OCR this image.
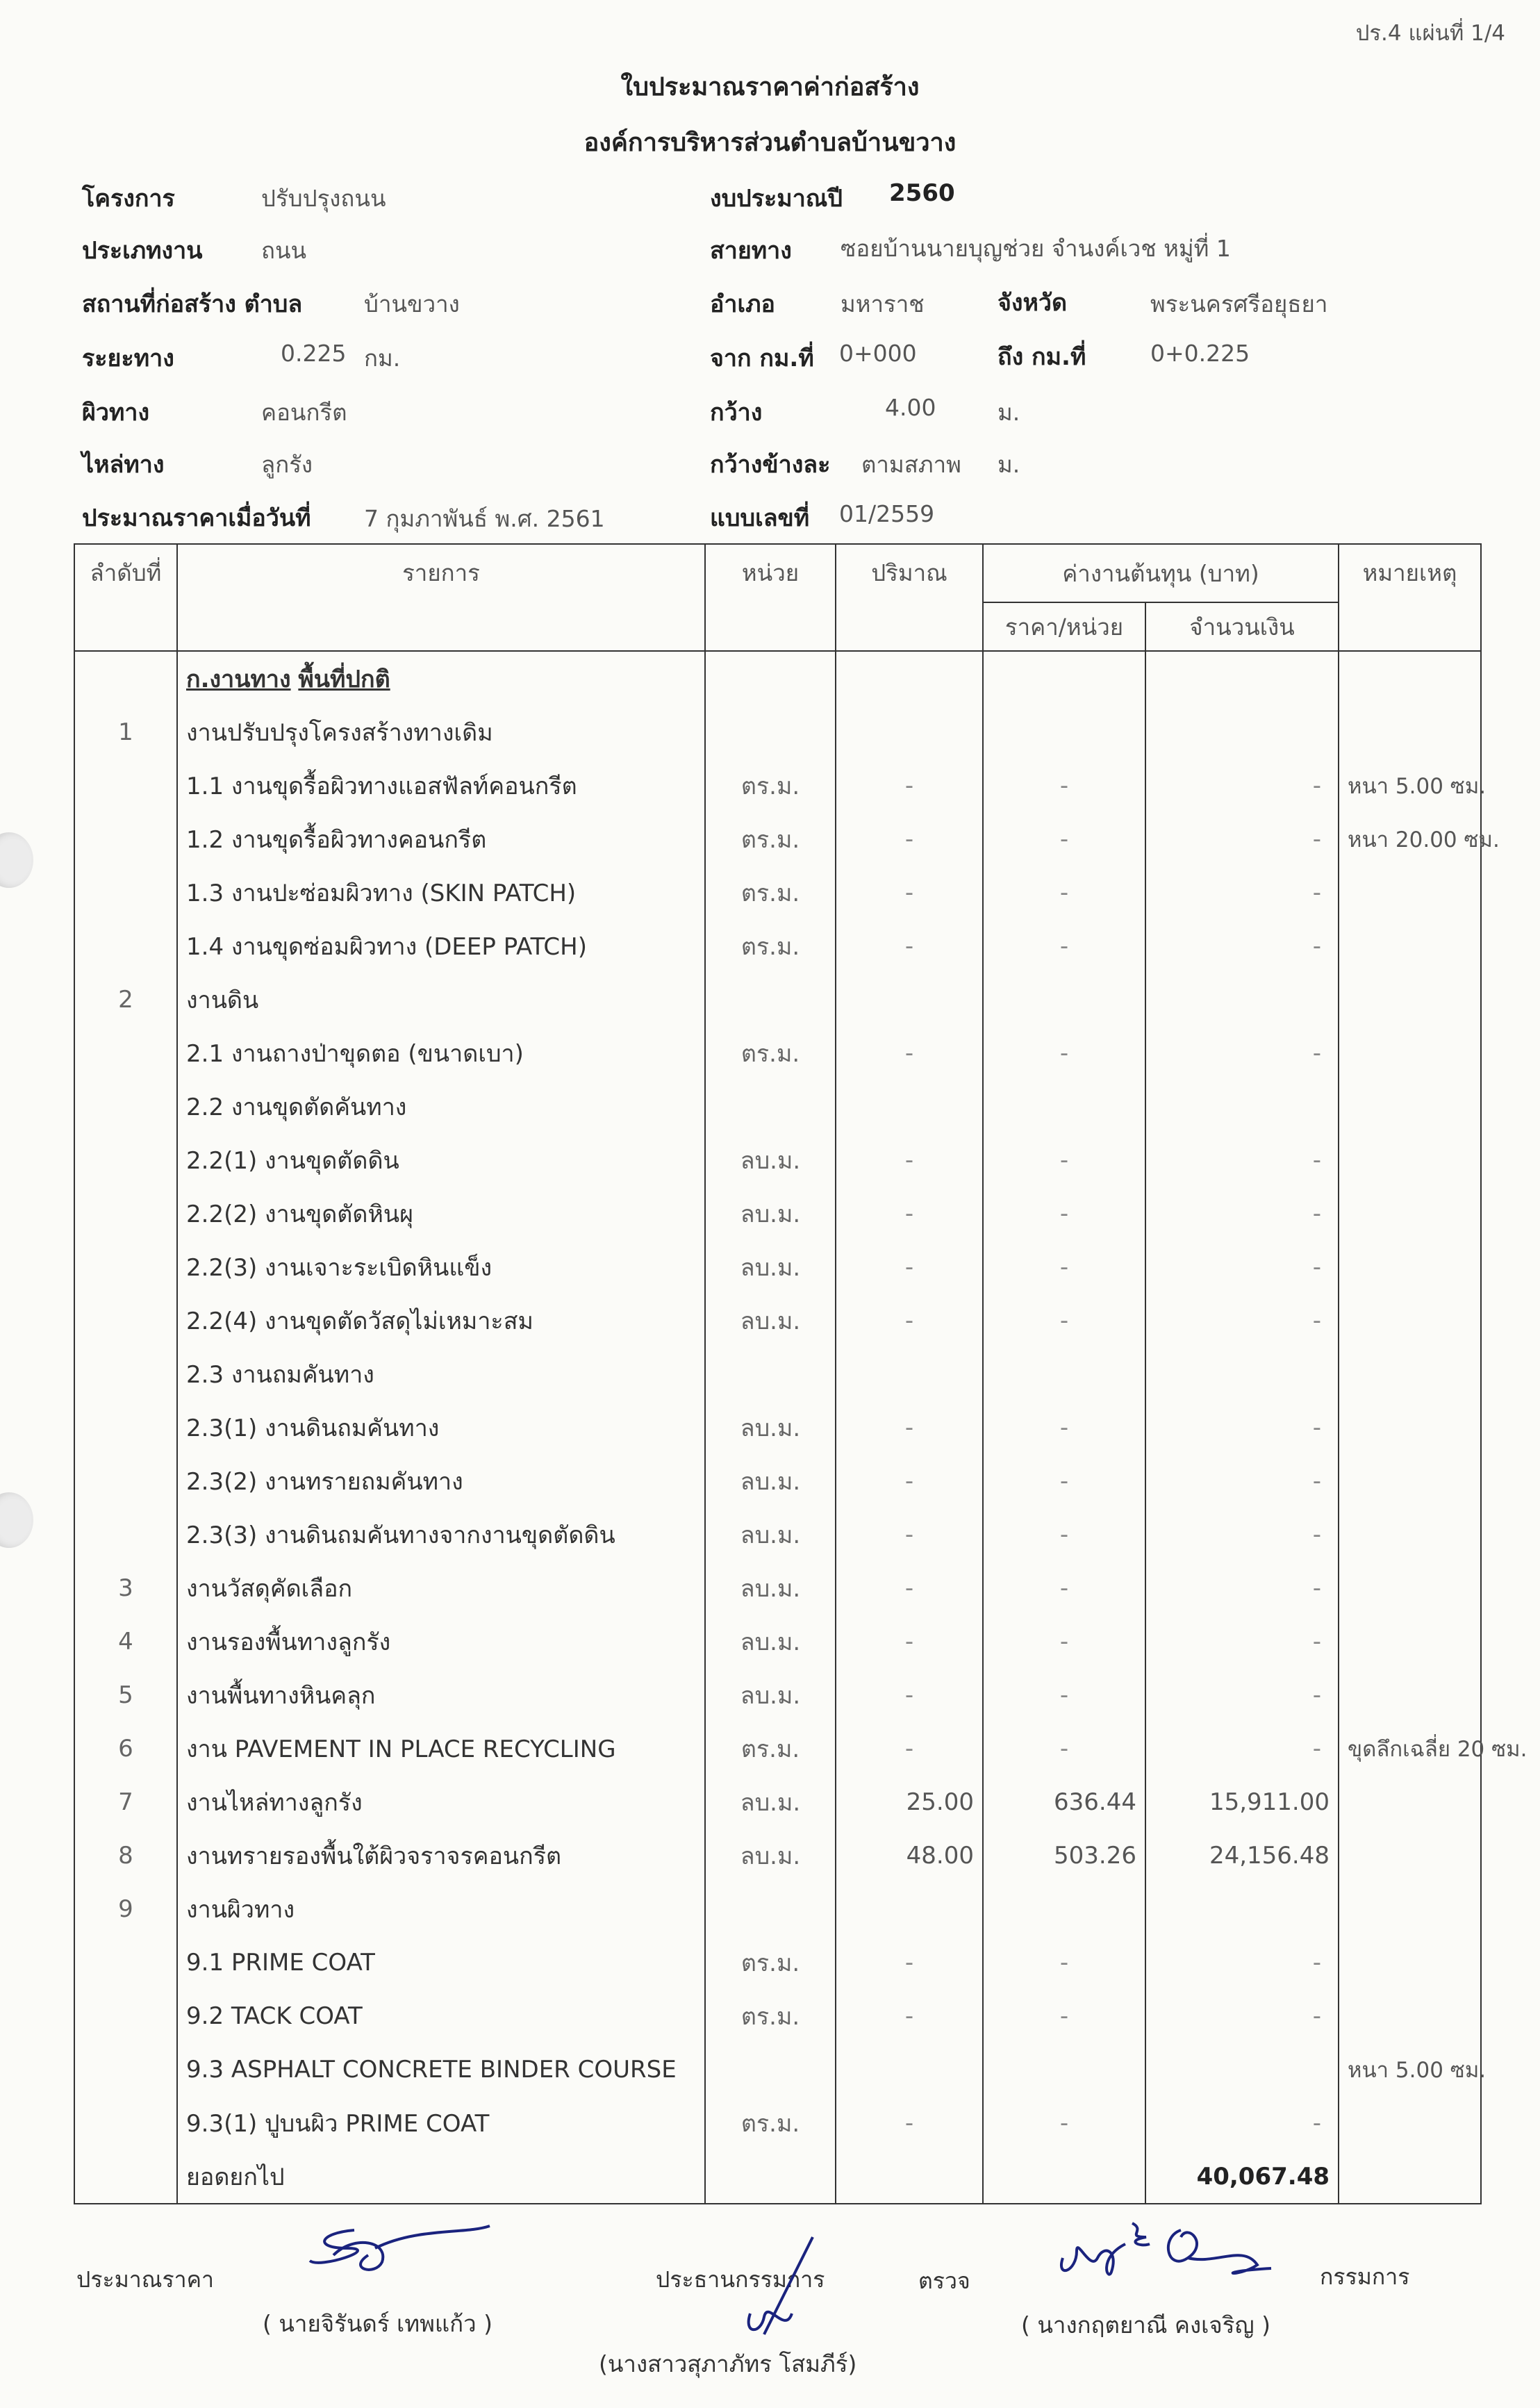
ปร.4 แผ่นที่ 1/4
ใบประมาณราคาค่าก่อสร้าง
องค์การบริหารส่วนตำบลบ้านขวาง
โครงการ	ปรับปรุงถนน
ประเภทงาน	ถนน
สถานที่ก่อสร้าง ตำบล	บ้านขวาง
ระยะทาง	0.225 กม.
ผิวทาง	คอนกรีต
ไหล่ทาง	ลูกรัง
ประมาณราคาเมื่อวันที่ 7 กุมภาพันธ์ พ.ศ. 2561
งบประมาณปี 2560
สายทาง ซอยบ้านนายบุญช่วย จำนงค์เวช หมู่ที่ 1
อำเภอ	มหาราช	จังหวัด	พระนครศรีอยุธยา
จาก กม.ที่ 0+000	ถึง กม.ที่	0+0.225
กว้าง	4.00	ม.
กว้างข้างละ ตามสภาพ ม.
แบบเลขที่ 01/2559
ลำดับที่	รายการ	หน่วย	ปริมาณ	ค่างานต้นทุน (บาท)		หมายเหตุ
				ราคา/หน่วย	จำนวนเงิน	
	ก.งานทาง พื้นที่ปกติ					
1	งานปรับปรุงโครงสร้างทางเดิม					
	1.1 งานขุดรื้อผิวทางแอสฟัลท์คอนกรีต	ตร.ม.	-	-	-	หนา 5.00 ซม.
	1.2 งานขุดรื้อผิวทางคอนกรีต	ตร.ม.	-	-	-	หนา 20.00 ซม.
	1.3 งานปะซ่อมผิวทาง (SKIN PATCH)	ตร.ม.	-	-	-	
	1.4 งานขุดซ่อมผิวทาง (DEEP PATCH)	ตร.ม.	-	-	-	
2	งานดิน					
	2.1 งานถางป่าขุดตอ (ขนาดเบา)	ตร.ม.	-	-	-	
	2.2 งานขุดตัดคันทาง					
	2.2(1) งานขุดตัดดิน	ลบ.ม.	-	-	-	
	2.2(2) งานขุดตัดหินผุ	ลบ.ม.	-	-	-	
	2.2(3) งานเจาะระเบิดหินแข็ง	ลบ.ม.	-	-	-	
	2.2(4) งานขุดตัดวัสดุไม่เหมาะสม	ลบ.ม.	-	-	-	
	2.3 งานถมคันทาง					
	2.3(1) งานดินถมคันทาง	ลบ.ม.	-	-	-	
	2.3(2) งานทรายถมคันทาง	ลบ.ม.	-	-	-	
	2.3(3) งานดินถมคันทางจากงานขุดตัดดิน	ลบ.ม.	-	-	-	
3	งานวัสดุคัดเลือก	ลบ.ม.	-	-	-	
4	งานรองพื้นทางลูกรัง	ลบ.ม.	-	-	-	
5	งานพื้นทางหินคลุก	ลบ.ม.	-	-	-	
6	งาน PAVEMENT IN PLACE RECYCLING	ตร.ม.	-	-	-	ขุดลึกเฉลี่ย 20 ซม.
7	งานไหล่ทางลูกรัง	ลบ.ม.	25.00	636.44	15,911.00	
8	งานทรายรองพื้นใต้ผิวจราจรคอนกรีต	ลบ.ม.	48.00	503.26	24,156.48	
9	งานผิวทาง					
	9.1 PRIME COAT	ตร.ม.	-	-	-	
	9.2 TACK COAT	ตร.ม.	-	-	-	
	9.3 ASPHALT CONCRETE BINDER COURSE					หนา 5.00 ซม.
	9.3(1) ปูบนผิว PRIME COAT	ตร.ม.	-	-	-	
	ยอดยกไป				40,067.48	
ประมาณราคา
( นายจิรันดร์ เทพแก้ว )
ประธานกรรมการ
(นางสาวสุภาภัทร โสมภีร์)
ตรวจ
( นางกฤตยาณี คงเจริญ )
กรรมการ
